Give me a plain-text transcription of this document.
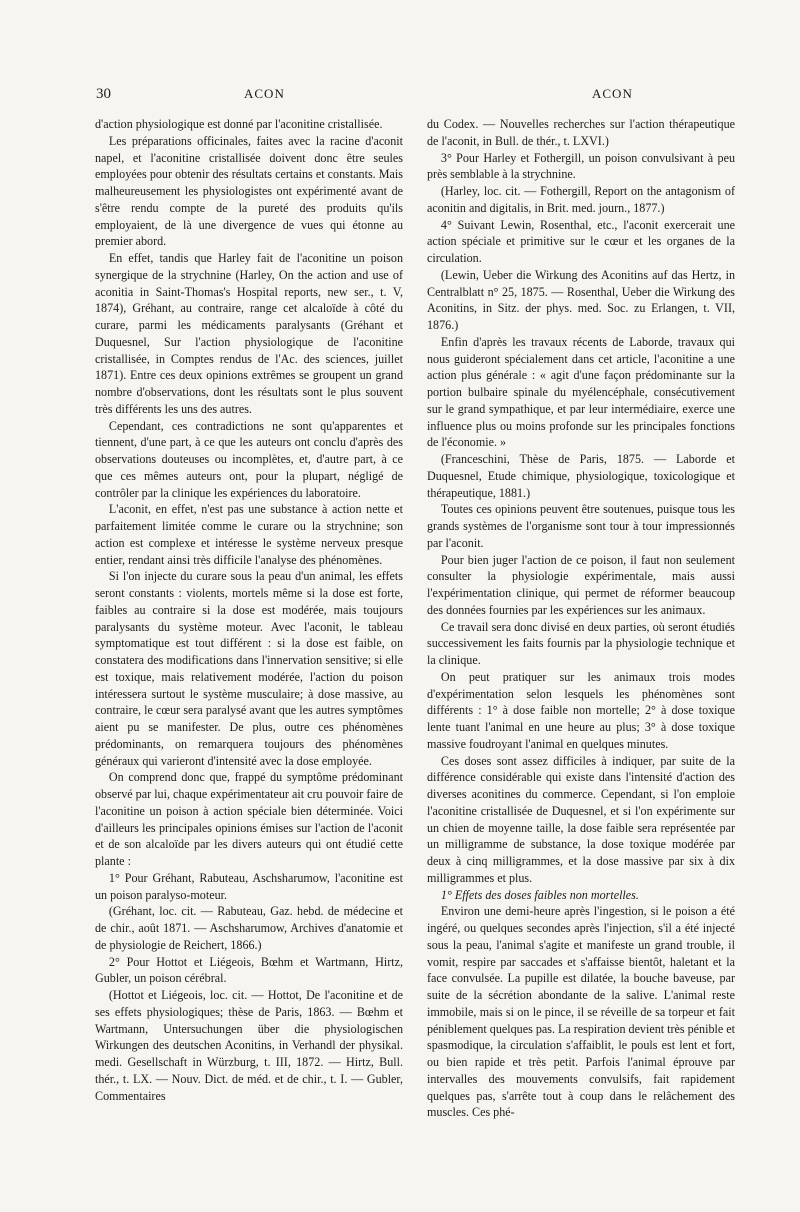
30	ACON	ACON

d'action physiologique est donné par l'aconitine cristallisée.

Les préparations officinales, faites avec la racine d'aconit napel, et l'aconitine cristallisée doivent donc être seules employées pour obtenir des résultats certains et constants. Mais malheureusement les physiologistes ont expérimenté avant de s'être rendu compte de la pureté des produits qu'ils employaient, de là une divergence de vues qui étonne au premier abord.

En effet, tandis que Harley fait de l'aconitine un poison synergique de la strychnine (Harley, On the action and use of aconitia in Saint-Thomas's Hospital reports, new ser., t. V, 1874), Gréhant, au contraire, range cet alcaloïde à côté du curare, parmi les médicaments paralysants (Gréhant et Duquesnel, Sur l'action physiologique de l'aconitine cristallisée, in Comptes rendus de l'Ac. des sciences, juillet 1871). Entre ces deux opinions extrêmes se groupent un grand nombre d'observations, dont les résultats sont le plus souvent très différents les uns des autres.

Cependant, ces contradictions ne sont qu'apparentes et tiennent, d'une part, à ce que les auteurs ont conclu d'après des observations douteuses ou incomplètes, et, d'autre part, à ce que ces mêmes auteurs ont, pour la plupart, négligé de contrôler par la clinique les expériences du laboratoire.

L'aconit, en effet, n'est pas une substance à action nette et parfaitement limitée comme le curare ou la strychnine; son action est complexe et intéresse le système nerveux presque entier, rendant ainsi très difficile l'analyse des phénomènes.

Si l'on injecte du curare sous la peau d'un animal, les effets seront constants : violents, mortels même si la dose est forte, faibles au contraire si la dose est modérée, mais toujours paralysants du système moteur. Avec l'aconit, le tableau symptomatique est tout différent : si la dose est faible, on constatera des modifications dans l'innervation sensitive; si elle est toxique, mais relativement modérée, l'action du poison intéressera surtout le système musculaire; à dose massive, au contraire, le cœur sera paralysé avant que les autres symptômes aient pu se manifester. De plus, outre ces phénomènes prédominants, on remarquera toujours des phénomènes généraux qui varieront d'intensité avec la dose employée.

On comprend donc que, frappé du symptôme prédominant observé par lui, chaque expérimentateur ait cru pouvoir faire de l'aconitine un poison à action spéciale bien déterminée. Voici d'ailleurs les principales opinions émises sur l'action de l'aconit et de son alcaloïde par les divers auteurs qui ont étudié cette plante :

1° Pour Gréhant, Rabuteau, Aschsharumow, l'aconitine est un poison paralyso-moteur.

(Gréhant, loc. cit. — Rabuteau, Gaz. hebd. de médecine et de chir., août 1871. — Aschsharumow, Archives d'anatomie et de physiologie de Reichert, 1866.)

2° Pour Hottot et Liégeois, Bœhm et Wartmann, Hirtz, Gubler, un poison cérébral.

(Hottot et Liégeois, loc. cit. — Hottot, De l'aconitine et de ses effets physiologiques; thèse de Paris, 1863. — Bœhm et Wartmann, Untersuchungen über die physiologischen Wirkungen des deutschen Aconitins, in Verhandl der physikal. medi. Gesellschaft in Würzburg, t. III, 1872. — Hirtz, Bull. thér., t. LX. — Nouv. Dict. de méd. et de chir., t. I. — Gubler, Commentaires

du Codex. — Nouvelles recherches sur l'action thérapeutique de l'aconit, in Bull. de thér., t. LXVI.)

3° Pour Harley et Fothergill, un poison convulsivant à peu près semblable à la strychnine.

(Harley, loc. cit. — Fothergill, Report on the antagonism of aconitin and digitalis, in Brit. med. journ., 1877.)

4° Suivant Lewin, Rosenthal, etc., l'aconit exercerait une action spéciale et primitive sur le cœur et les organes de la circulation.

(Lewin, Ueber die Wirkung des Aconitins auf das Hertz, in Centralblatt n° 25, 1875. — Rosenthal, Ueber die Wirkung des Aconitins, in Sitz. der phys. med. Soc. zu Erlangen, t. VII, 1876.)

Enfin d'après les travaux récents de Laborde, travaux qui nous guideront spécialement dans cet article, l'aconitine a une action plus générale : « agit d'une façon prédominante sur la portion bulbaire spinale du myélencéphale, consécutivement sur le grand sympathique, et par leur intermédiaire, exerce une influence plus ou moins profonde sur les principales fonctions de l'économie. »

(Franceschini, Thèse de Paris, 1875. — Laborde et Duquesnel, Etude chimique, physiologique, toxicologique et thérapeutique, 1881.)

Toutes ces opinions peuvent être soutenues, puisque tous les grands systèmes de l'organisme sont tour à tour impressionnés par l'aconit.

Pour bien juger l'action de ce poison, il faut non seulement consulter la physiologie expérimentale, mais aussi l'expérimentation clinique, qui permet de réformer beaucoup des données fournies par les expériences sur les animaux.

Ce travail sera donc divisé en deux parties, où seront étudiés successivement les faits fournis par la physiologie technique et la clinique.

On peut pratiquer sur les animaux trois modes d'expérimentation selon lesquels les phénomènes sont différents : 1° à dose faible non mortelle; 2° à dose toxique lente tuant l'animal en une heure au plus; 3° à dose toxique massive foudroyant l'animal en quelques minutes.

Ces doses sont assez difficiles à indiquer, par suite de la différence considérable qui existe dans l'intensité d'action des diverses aconitines du commerce. Cependant, si l'on emploie l'aconitine cristallisée de Duquesnel, et si l'on expérimente sur un chien de moyenne taille, la dose faible sera représentée par un milligramme de substance, la dose toxique modérée par deux à cinq milligrammes, et la dose massive par six à dix milligrammes et plus.

1° Effets des doses faibles non mortelles.

Environ une demi-heure après l'ingestion, si le poison a été ingéré, ou quelques secondes après l'injection, s'il a été injecté sous la peau, l'animal s'agite et manifeste un grand trouble, il vomit, respire par saccades et s'affaisse bientôt, haletant et la face convulsée. La pupille est dilatée, la bouche baveuse, par suite de la sécrétion abondante de la salive. L'animal reste immobile, mais si on le pince, il se réveille de sa torpeur et fait péniblement quelques pas. La respiration devient très pénible et spasmodique, la circulation s'affaiblit, le pouls est lent et fort, ou bien rapide et très petit. Parfois l'animal éprouve par intervalles des mouvements convulsifs, fait rapidement quelques pas, s'arrête tout à coup dans le relâchement des muscles. Ces phé-
